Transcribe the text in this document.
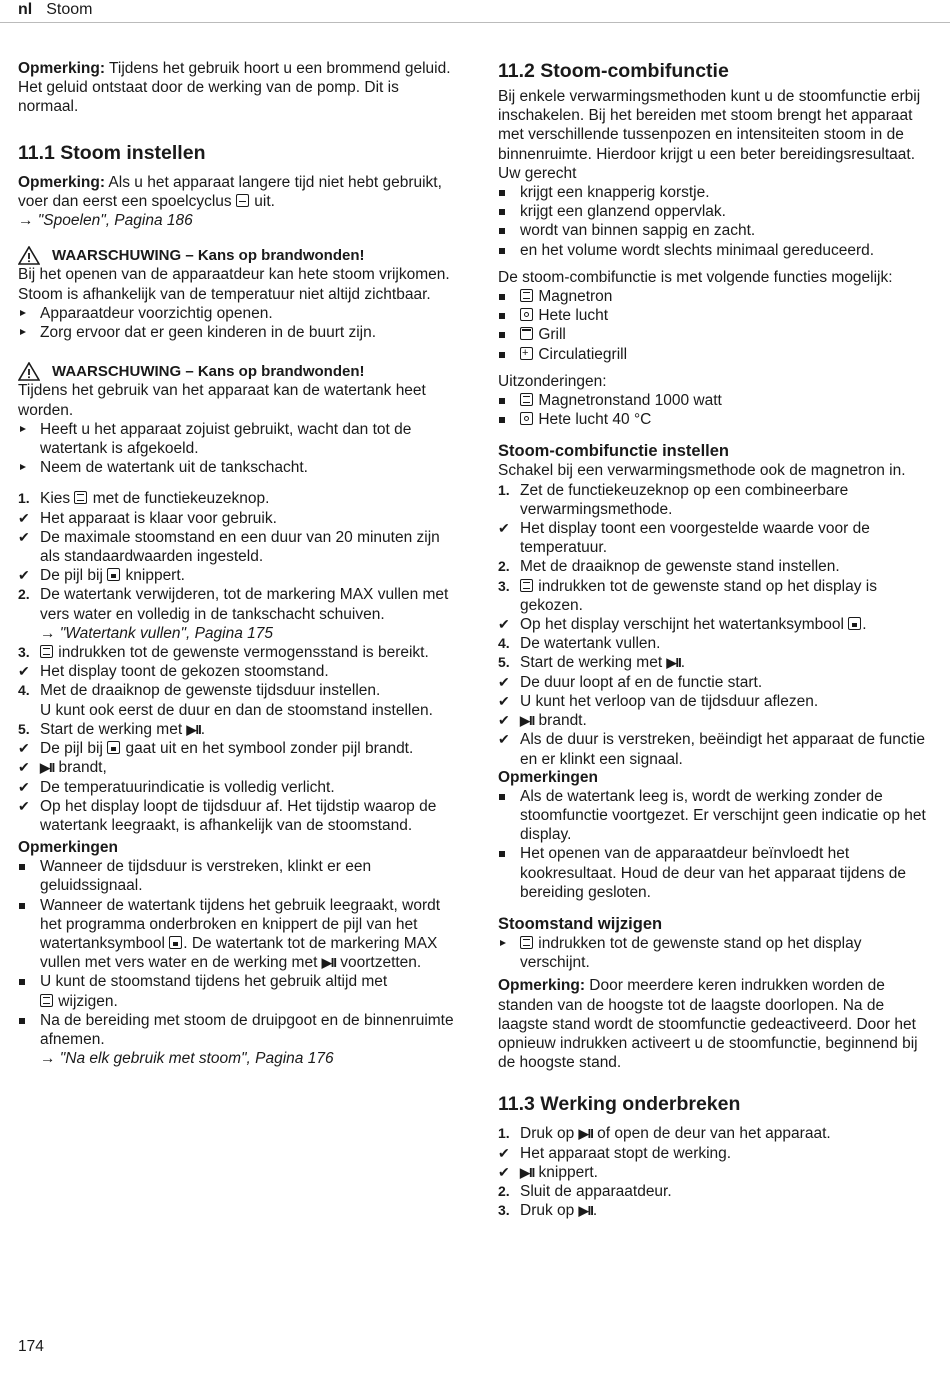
nl Stoom

Opmerking: Tijdens het gebruik hoort u een brommend geluid. Het geluid ontstaat door de werking van de pomp. Dit is normaal.

11.1 Stoom instellen

Opmerking: Als u het apparaat langere tijd niet hebt gebruikt, voer dan eerst een spoelcyclus  uit.

→ "Spoelen", Pagina 186

WAARSCHUWING – Kans op brandwonden!

Bij het openen van de apparaatdeur kan hete stoom vrijkomen. Stoom is afhankelijk van de temperatuur niet altijd zichtbaar.

Apparaatdeur voorzichtig openen.
Zorg ervoor dat er geen kinderen in de buurt zijn.
WAARSCHUWING – Kans op brandwonden!

Tijdens het gebruik van het apparaat kan de watertank heet worden.

Heeft u het apparaat zojuist gebruikt, wacht dan tot de watertank is afgekoeld.
Neem de watertank uit de tankschacht.
1. Kies  met de functiekeuzeknop.
✔ Het apparaat is klaar voor gebruik.
✔ De maximale stoomstand en een duur van 20 minuten zijn als standaardwaarden ingesteld.
✔ De pijl bij  knippert.
2. De watertank verwijderen, tot de markering MAX vullen met vers water en volledig in de tankschacht schuiven.

→ "Watertank vullen", Pagina 175

3.	indrukken tot de gewenste vermogensstand is bereikt.
✔ Het display toont de gekozen stoomstand.
4. Met de draaiknop de gewenste tijdsduur instellen.
U kunt ook eerst de duur en dan de stoomstand instellen.
5. Start de werking met ▶︎II.
✔ De pijl bij  gaat uit en het symbool zonder pijl brandt.
✔ ▶︎II brandt,
✔ De temperatuurindicatie is volledig verlicht.
✔ Op het display loopt de tijdsduur af. Het tijdstip waarop de watertank leegraakt, is afhankelijk van de stoomstand.
Opmerkingen
Wanneer de tijdsduur is verstreken, klinkt er een geluidssignaal.
Wanneer de watertank tijdens het gebruik leegraakt, wordt het programma onderbroken en knippert de pijl van het watertanksymbool . De watertank tot de markering MAX vullen met vers water en de werking met ▶︎II voortzetten.
U kunt de stoomstand tijdens het gebruik altijd met
wijzigen.
Na de bereiding met stoom de druipgoot en de binnenruimte afnemen.

→ "Na elk gebruik met stoom", Pagina 176

11.2 Stoom-combifunctie

Bij enkele verwarmingsmethoden kunt u de stoomfunctie erbij inschakelen. Bij het bereiden met stoom brengt het apparaat met verschillende tussenpozen en intensiteiten stoom in de binnenruimte. Hierdoor krijgt u een beter bereidingsresultaat.

Uw gerecht

krijgt een knapperig korstje.
krijgt een glanzend oppervlak.
wordt van binnen sappig en zacht.
en het volume wordt slechts minimaal gereduceerd.

De stoom-combifunctie is met volgende functies mogelijk:

Magnetron
Hete lucht
Grill
+ Circulatiegrill

Uitzonderingen:

Magnetronstand 1000 watt
Hete lucht 40 °C
Stoom-combifunctie instellen

Schakel bij een verwarmingsmethode ook de magnetron in.

1. Zet de functiekeuzeknop op een combineerbare verwarmingsmethode.
✔ Het display toont een voorgestelde waarde voor de temperatuur.
2. Met de draaiknop de gewenste stand instellen.
3.	indrukken tot de gewenste stand op het display is gekozen.
✔ Op het display verschijnt het watertanksymbool .
4. De watertank vullen.
5. Start de werking met ▶︎II.
✔ De duur loopt af en de functie start.
✔ U kunt het verloop van de tijdsduur aflezen.
✔ ▶︎II brandt.
✔ Als de duur is verstreken, beëindigt het apparaat de functie en er klinkt een signaal.
Opmerkingen
Als de watertank leeg is, wordt de werking zonder de stoomfunctie voortgezet. Er verschijnt geen indicatie op het display.
Het openen van de apparaatdeur beïnvloedt het kookresultaat. Houd de deur van het apparaat tijdens de bereiding gesloten.
Stoomstand wijzigen
indrukken tot de gewenste stand op het display verschijnt.

Opmerking: Door meerdere keren indrukken worden de standen van de hoogste tot de laagste doorlopen. Na de laagste stand wordt de stoomfunctie gedeactiveerd. Door het opnieuw indrukken activeert u de stoomfunctie, beginnend bij de hoogste stand.

11.3 Werking onderbreken
1. Druk op ▶︎II of open de deur van het apparaat.
✔ Het apparaat stopt de werking.
✔ ▶︎II knippert.
2. Sluit de apparaatdeur.
3. Druk op ▶︎II.
174
